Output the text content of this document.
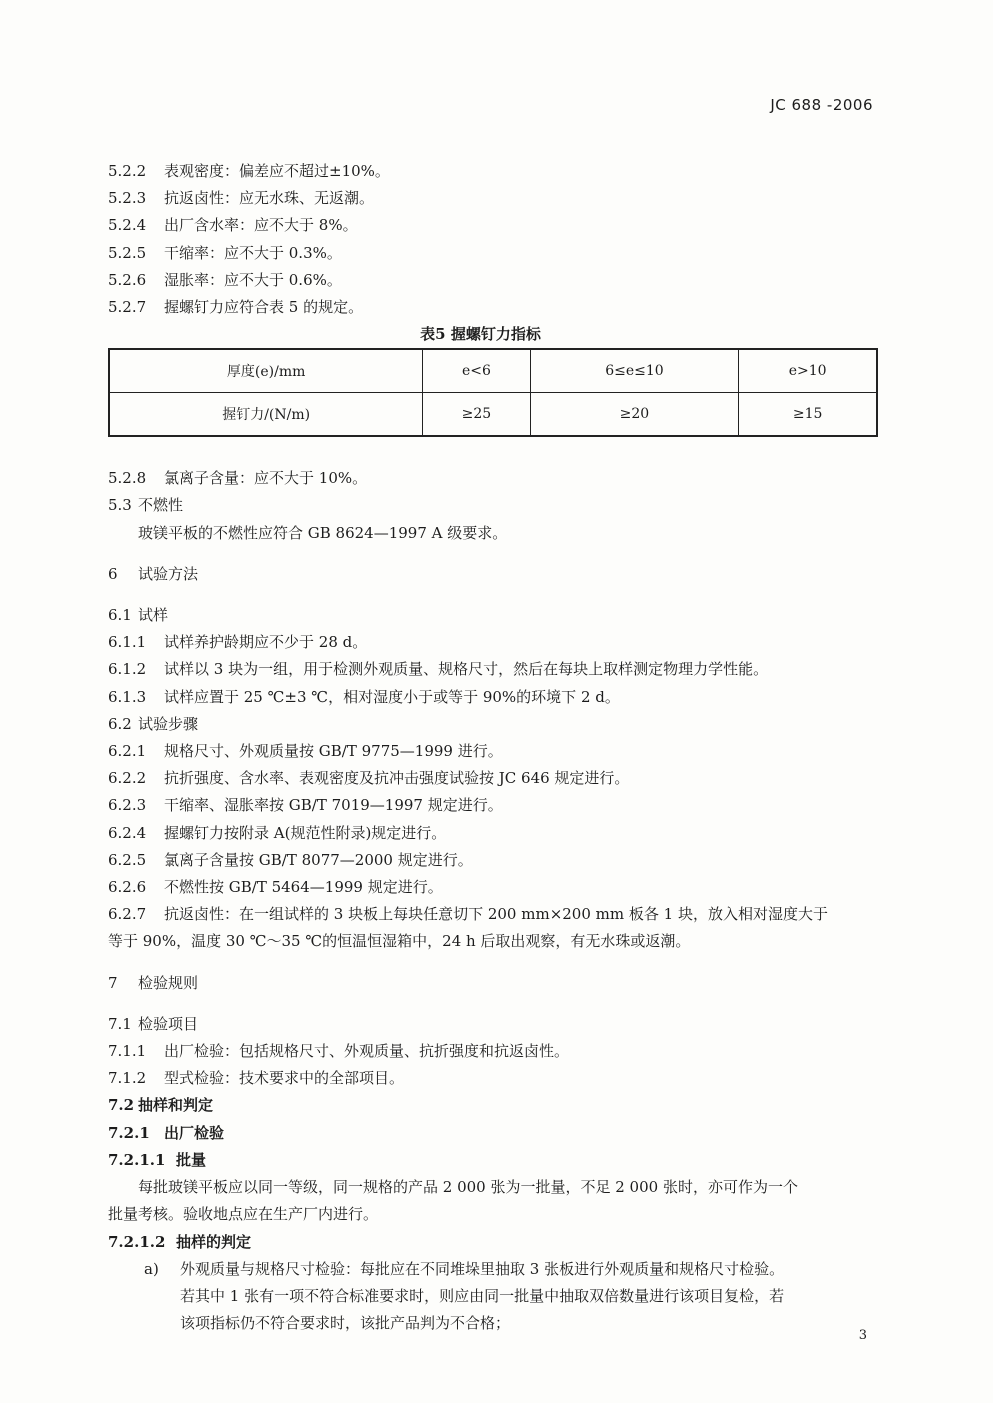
JC 688 -2006
5.2.2 表观密度：偏差应不超过±10%。
5.2.3 抗返卤性：应无水珠、无返潮。
5.2.4 出厂含水率：应不大于 8%。
5.2.5 干缩率：应不大于 0.3%。
5.2.6 湿胀率：应不大于 0.6%。
5.2.7 握螺钉力应符合表 5 的规定。
表5 握螺钉力指标
厚度(e)/mm	e<6	6≤e≤10	e>10
握钉力/(N/m)	≥25	≥20	≥15
5.2.8 氯离子含量：应不大于 10%。
5.3 不燃性
玻镁平板的不燃性应符合 GB 8624—1997 A 级要求。
6 试验方法
6.1 试样
6.1.1 试样养护龄期应不少于 28 d。
6.1.2 试样以 3 块为一组，用于检测外观质量、规格尺寸，然后在每块上取样测定物理力学性能。
6.1.3 试样应置于 25 ℃±3 ℃，相对湿度小于或等于 90%的环境下 2 d。
6.2 试验步骤
6.2.1 规格尺寸、外观质量按 GB/T 9775—1999 进行。
6.2.2 抗折强度、含水率、表观密度及抗冲击强度试验按 JC 646 规定进行。
6.2.3 干缩率、湿胀率按 GB/T 7019—1997 规定进行。
6.2.4 握螺钉力按附录 A(规范性附录)规定进行。
6.2.5 氯离子含量按 GB/T 8077—2000 规定进行。
6.2.6 不燃性按 GB/T 5464—1999 规定进行。
6.2.7 抗返卤性：在一组试样的 3 块板上每块任意切下 200 mm×200 mm 板各 1 块，放入相对湿度大于
等于 90%，温度 30 ℃～35 ℃的恒温恒湿箱中，24 h 后取出观察，有无水珠或返潮。
7 检验规则
7.1 检验项目
7.1.1 出厂检验：包括规格尺寸、外观质量、抗折强度和抗返卤性。
7.1.2 型式检验：技术要求中的全部项目。
7.2 抽样和判定
7.2.1 出厂检验
7.2.1.1 批量
每批玻镁平板应以同一等级，同一规格的产品 2 000 张为一批量，不足 2 000 张时，亦可作为一个
批量考核。验收地点应在生产厂内进行。
7.2.1.2 抽样的判定
a) 外观质量与规格尺寸检验：每批应在不同堆垛里抽取 3 张板进行外观质量和规格尺寸检验。
若其中 1 张有一项不符合标准要求时，则应由同一批量中抽取双倍数量进行该项目复检，若
该项指标仍不符合要求时，该批产品判为不合格；
3
